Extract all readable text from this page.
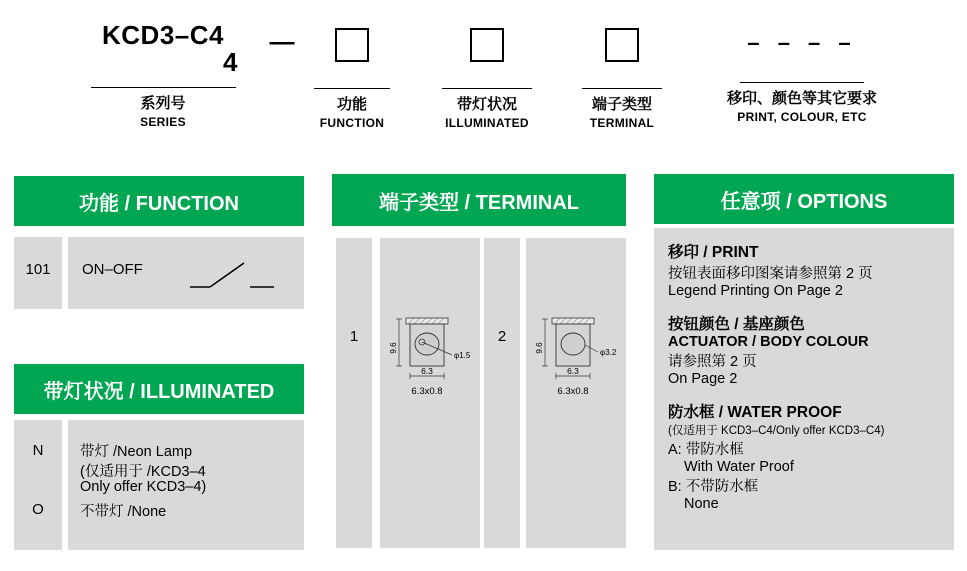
KCD3–C4
4
系列号
SERIES
—
功能
FUNCTION
带灯状况
ILLUMINATED
端子类型
TERMINAL
– – – –
移印、颜色等其它要求
PRINT, COLOUR, ETC
功能 / FUNCTION
101	ON–OFF
带灯状况 / ILLUMINATED
N
O
带灯 /Neon Lamp
(仅适用于 /KCD3–4
Only offer KCD3–4)
不带灯 /None
端子类型 / TERMINAL
1
9.6
φ1.5
6.3
6.3x0.8
2
9.6	φ3.2
6.3
6.3x0.8
任意项 / OPTIONS
移印 / PRINT
按钮表面移印图案请参照第 2 页
Legend Printing On Page 2
按钮颜色 / 基座颜色
ACTUATOR / BODY COLOUR
请参照第 2 页
On Page 2
防水框 / WATER PROOF
(仅适用于 KCD3–C4/Only offer KCD3–C4)
A: 带防水框
With Water Proof
B: 不带防水框
None
